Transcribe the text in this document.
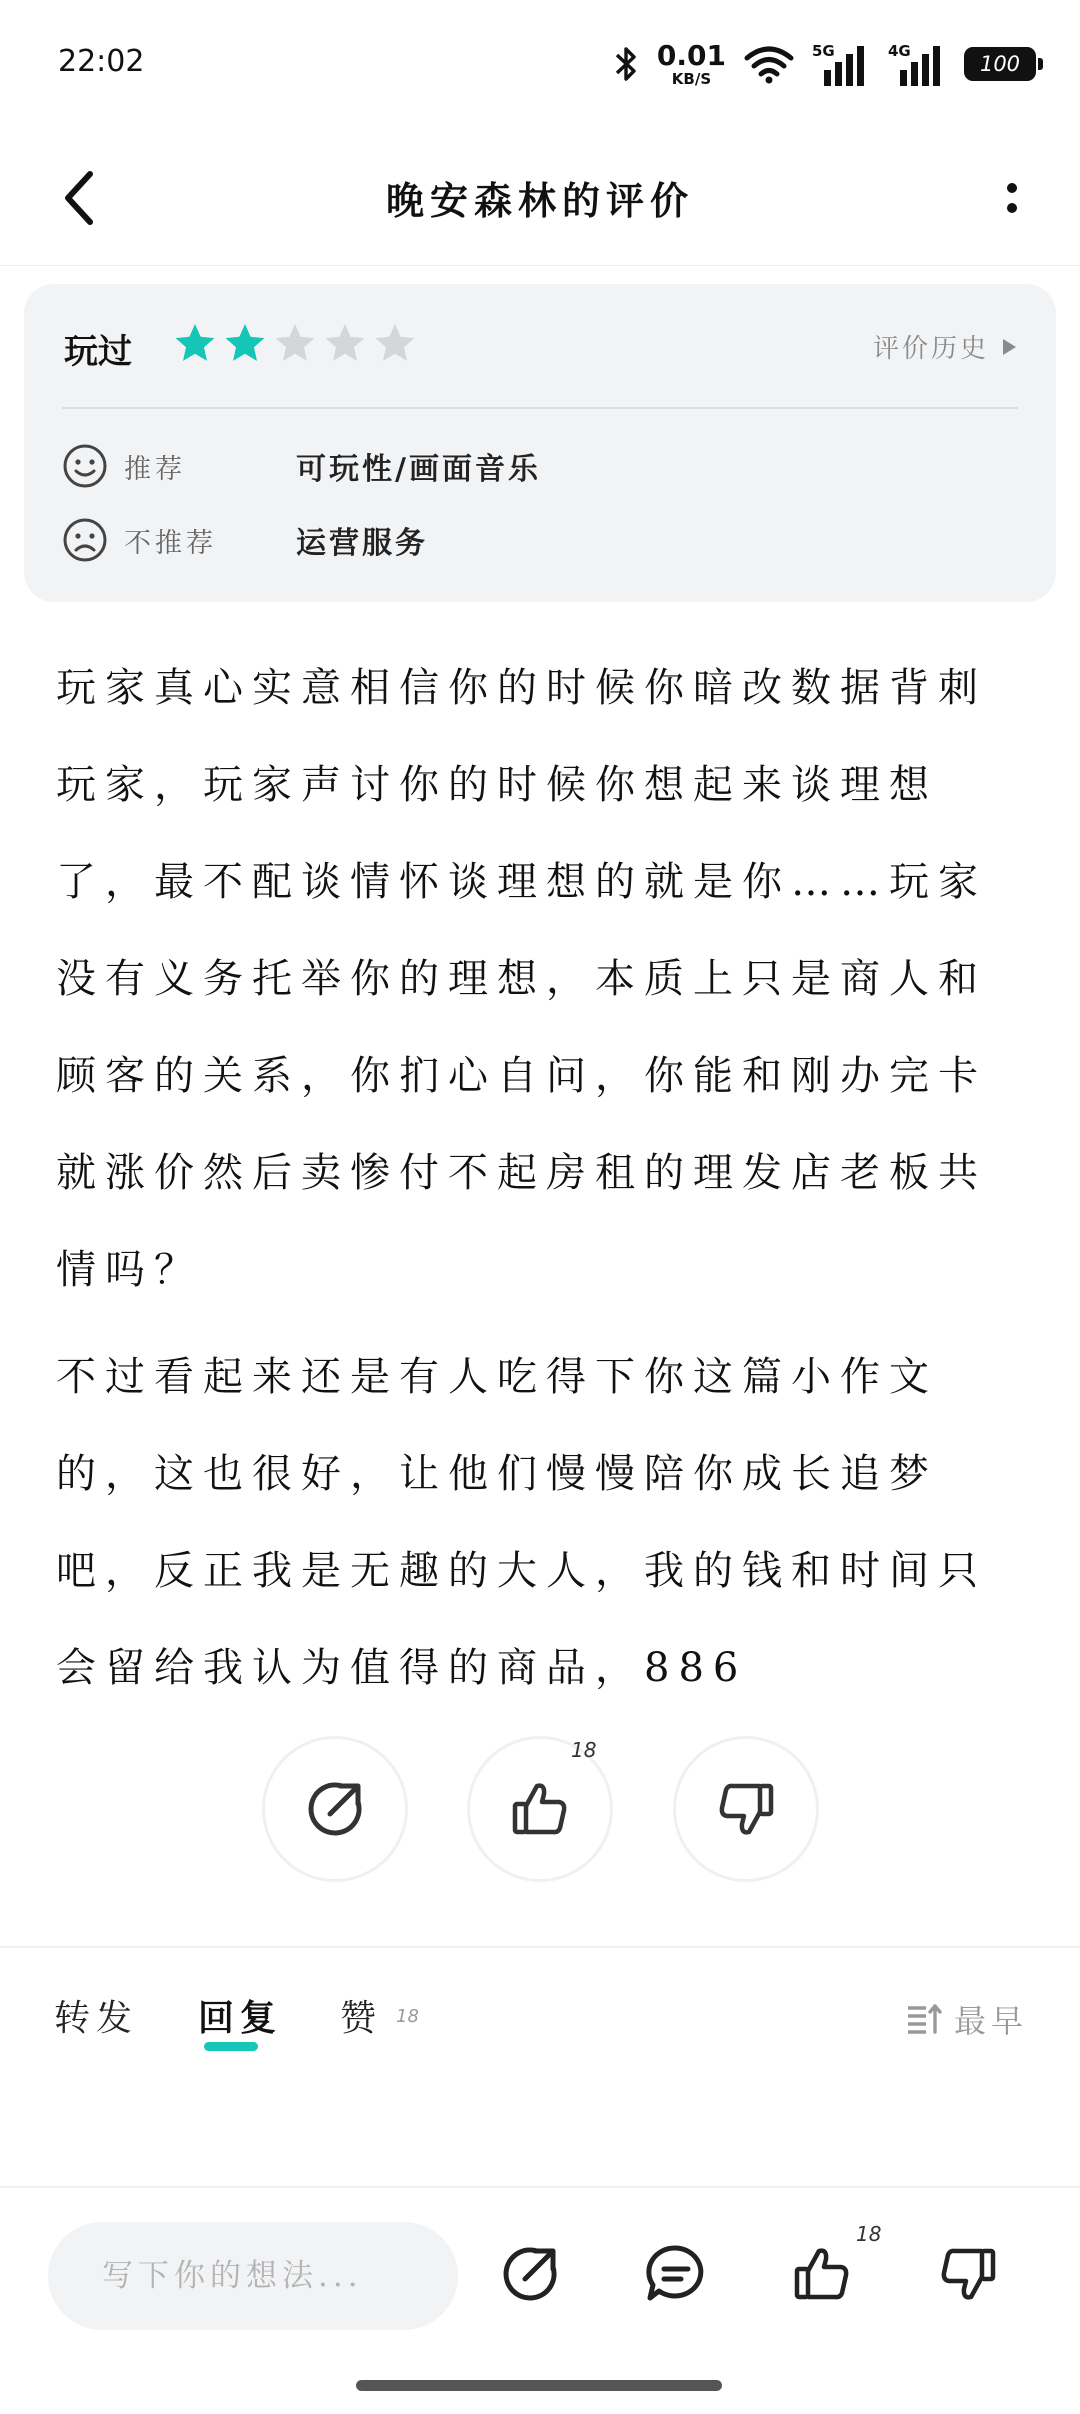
22:02	0.01
KB/S
5G	4G
100
晚安森林的评价
玩过	评价历史
推荐	可玩性/画面音乐
不推荐	运营服务

玩家真心实意相信你的时候你暗改数据背刺玩家，玩家声讨你的时候你想起来谈理想了，最不配谈情怀谈理想的就是你……玩家没有义务托举你的理想，本质上只是商人和顾客的关系，你扪心自问，你能和刚办完卡就涨价然后卖惨付不起房租的理发店老板共情吗？

不过看起来还是有人吃得下你这篇小作文的，这也很好，让他们慢慢陪你成长追梦吧，反正我是无趣的大人，我的钱和时间只会留给我认为值得的商品，886

18
转发 回复 赞 18	最早
写下你的想法...
18
